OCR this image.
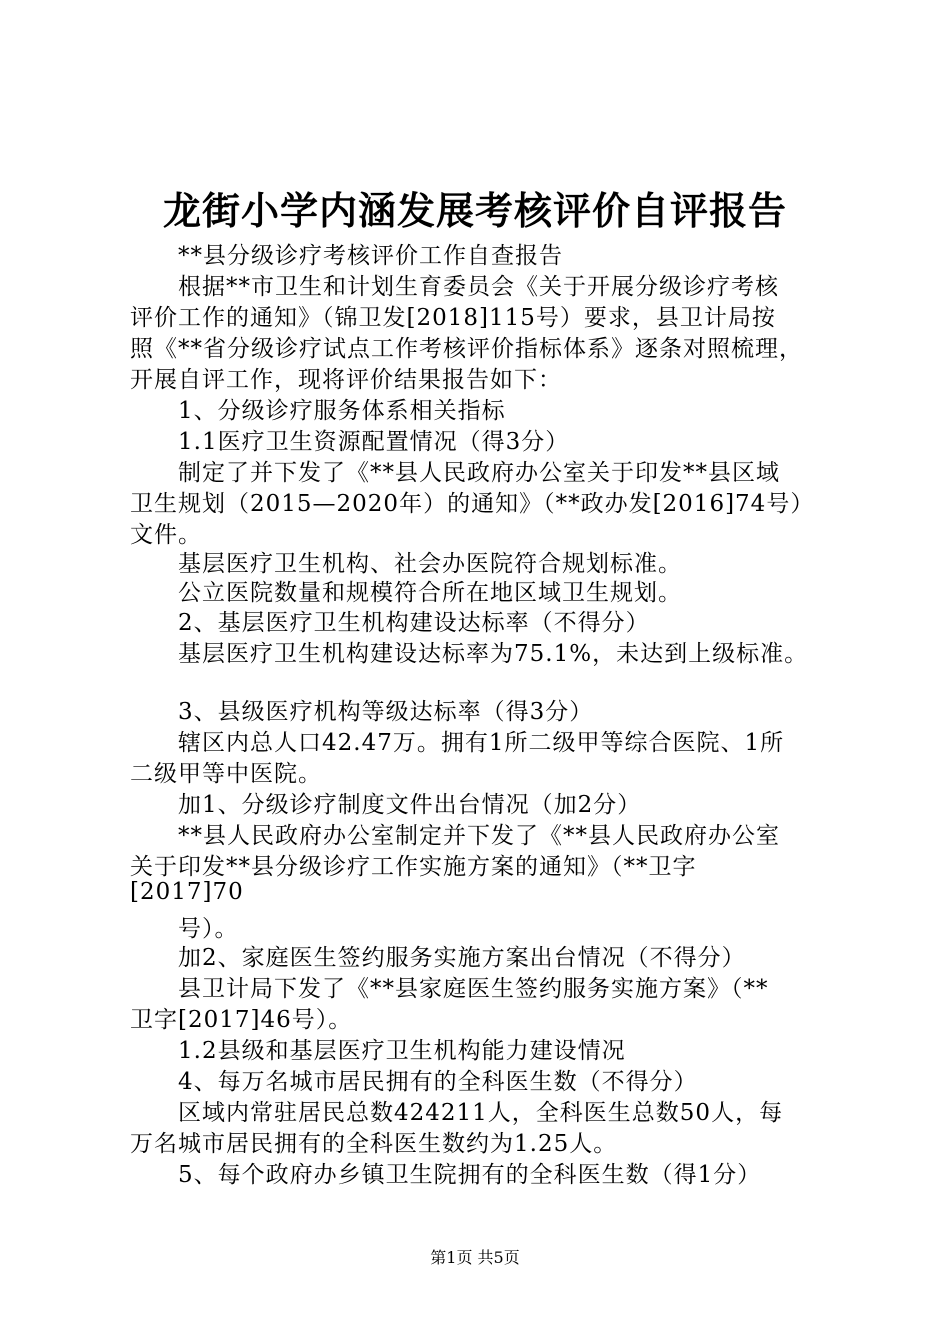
龙街小学内涵发展考核评价自评报告
**县分级诊疗考核评价工作自查报告
根据**市卫生和计划生育委员会《关于开展分级诊疗考核
评价工作的通知》（锦卫发[2018]115号）要求，县卫计局按
照《**省分级诊疗试点工作考核评价指标体系》逐条对照梳理，
开展自评工作，现将评价结果报告如下：
1、分级诊疗服务体系相关指标
1.1医疗卫生资源配置情况（得3分）
制定了并下发了《**县人民政府办公室关于印发**县区域
卫生规划（2015—2020年）的通知》（**政办发[2016]74号）
文件。
基层医疗卫生机构、社会办医院符合规划标准。
公立医院数量和规模符合所在地区域卫生规划。
2、基层医疗卫生机构建设达标率（不得分）
基层医疗卫生机构建设达标率为75.1%，未达到上级标准。
3、县级医疗机构等级达标率（得3分）
辖区内总人口42.47万。拥有1所二级甲等综合医院、1所
二级甲等中医院。
加1、分级诊疗制度文件出台情况（加2分）
**县人民政府办公室制定并下发了《**县人民政府办公室
关于印发**县分级诊疗工作实施方案的通知》（**卫字
[2017]70
号）。
加2、家庭医生签约服务实施方案出台情况（不得分）
县卫计局下发了《**县家庭医生签约服务实施方案》（**
卫字[2017]46号）。
1.2县级和基层医疗卫生机构能力建设情况
4、每万名城市居民拥有的全科医生数（不得分）
区域内常驻居民总数424211人，全科医生总数50人，每
万名城市居民拥有的全科医生数约为1.25人。
5、每个政府办乡镇卫生院拥有的全科医生数（得1分）
第1页 共5页
